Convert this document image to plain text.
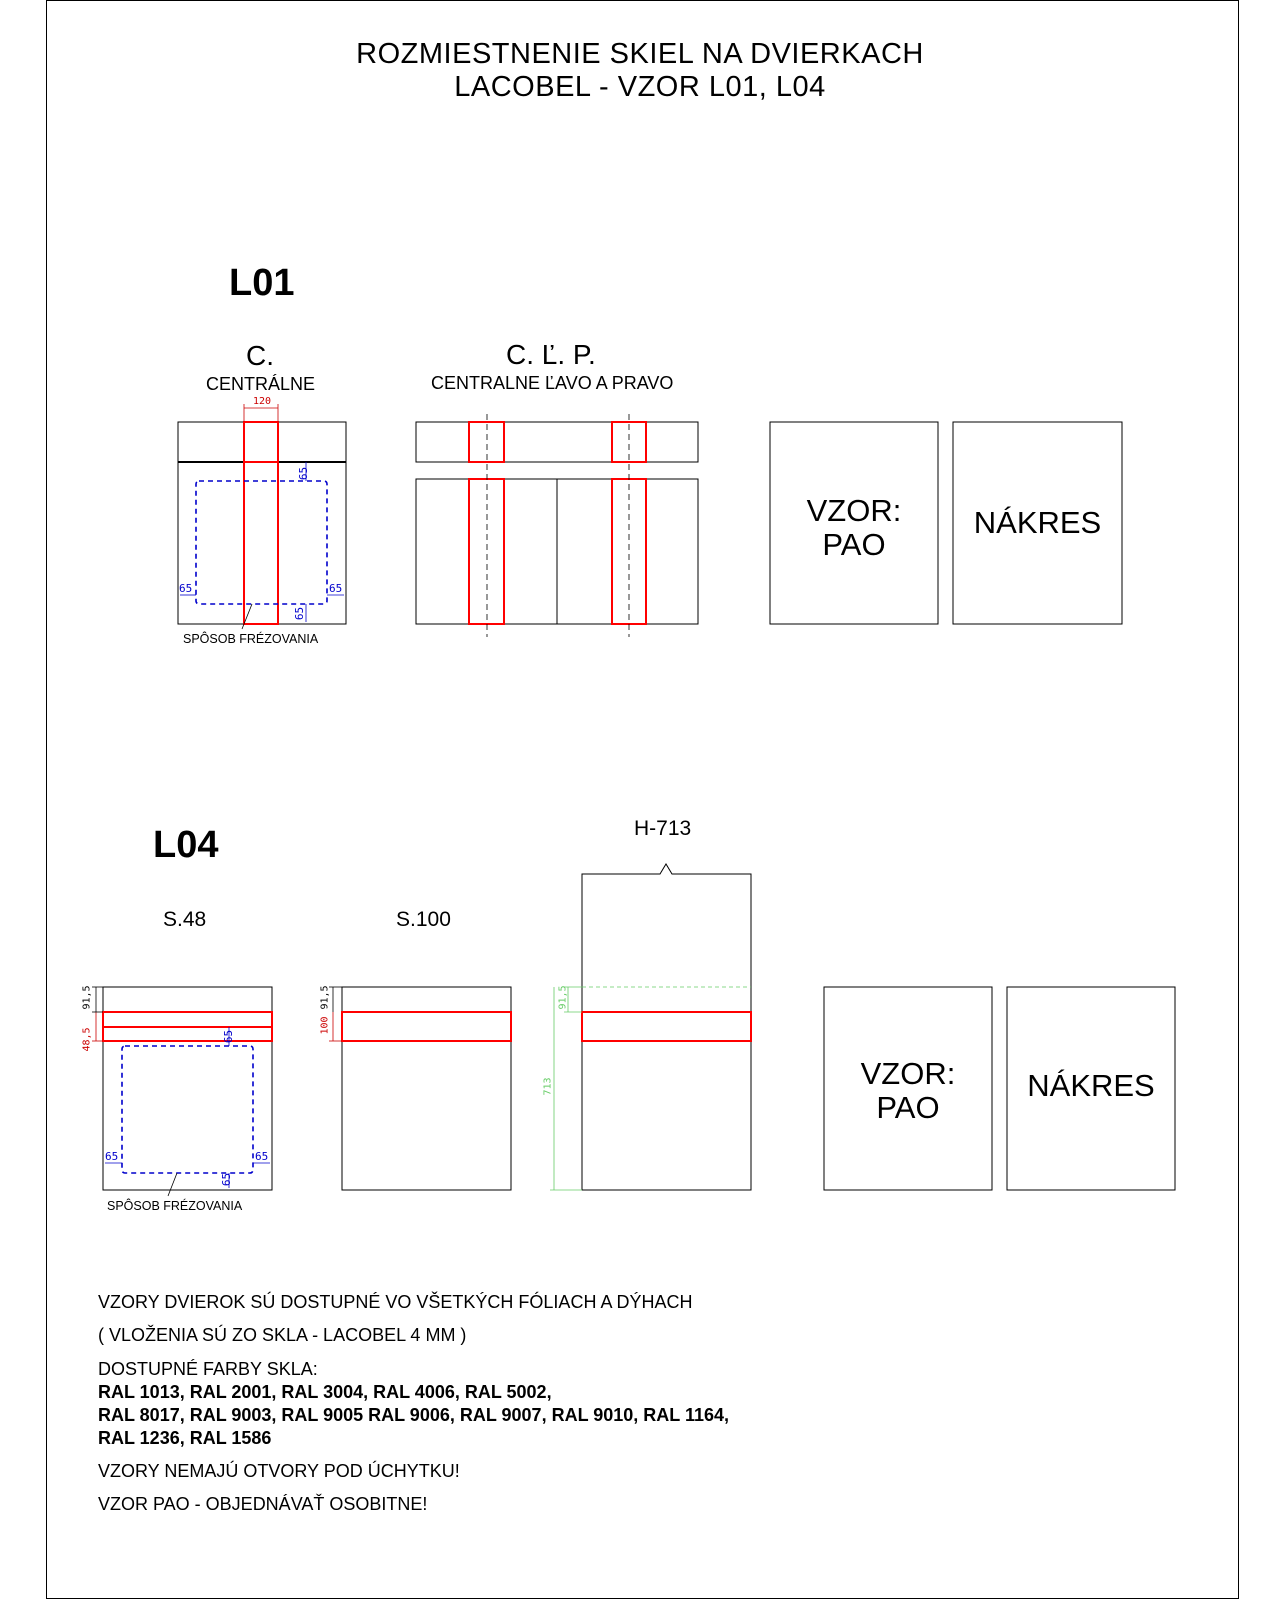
ROZMIESTNENIE SKIEL NA DVIERKACH
LACOBEL - VZOR L01, L04
L01
C.
CENTRÁLNE
C. Ľ. P.
CENTRALNE ĽAVO A PRAVO
120
65
65	65
65
SPÔSOB FRÉZOVANIA
VZOR:
PAO
NÁKRES
L04
S.48	S.100
H-713
91,5
48,5	65
65	65
65
SPÔSOB FRÉZOVANIA
91,5
100
91,5
713	VZOR:
PAO
NÁKRES
VZORY DVIEROK SÚ DOSTUPNÉ VO VŠETKÝCH FÓLIACH A DÝHACH
( VLOŽENIA SÚ ZO SKLA - LACOBEL 4 MM )
DOSTUPNÉ FARBY SKLA:
RAL 1013, RAL 2001, RAL 3004, RAL 4006, RAL 5002,
RAL 8017, RAL 9003, RAL 9005 RAL 9006, RAL 9007, RAL 9010, RAL 1164,
RAL 1236, RAL 1586
VZORY NEMAJÚ OTVORY POD ÚCHYTKU!
VZOR PAO - OBJEDNÁVAŤ OSOBITNE!
